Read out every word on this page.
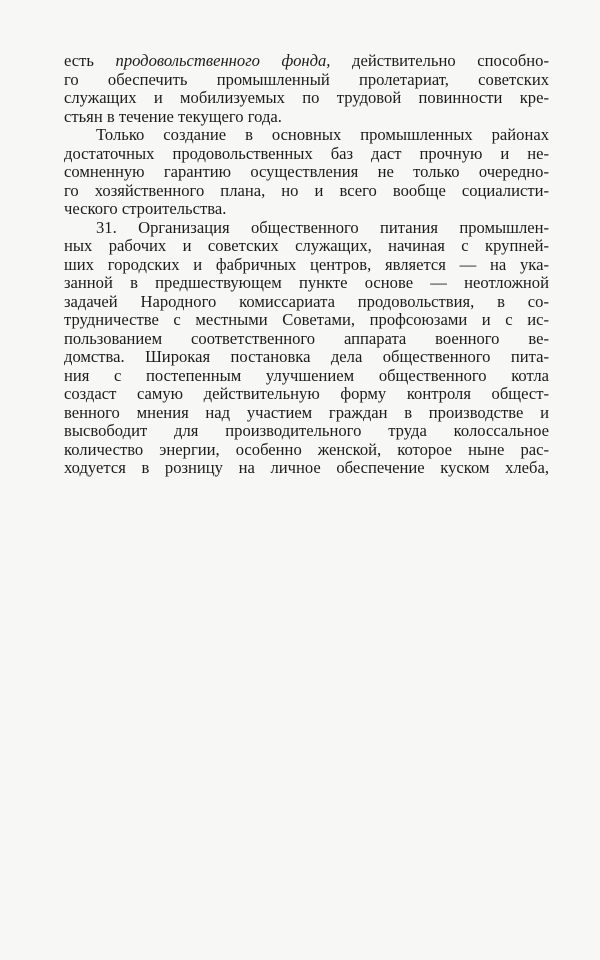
есть продовольственного фонда, действительно способно-
го обеспечить промышленный пролетариат, советских
служащих и мобилизуемых по трудовой повинности кре-
стьян в течение текущего года.
Только создание в основных промышленных районах
достаточных продовольственных баз даст прочную и не-
сомненную гарантию осуществления не только очередно-
го хозяйственного плана, но и всего вообще социалисти-
ческого строительства.
31. Организация общественного питания промышлен-
ных рабочих и советских служащих, начиная с крупней-
ших городских и фабричных центров, является — на ука-
занной в предшествующем пункте основе — неотложной
задачей Народного комиссариата продовольствия, в со-
трудничестве с местными Советами, профсоюзами и с ис-
пользованием соответственного аппарата военного ве-
домства. Широкая постановка дела общественного пита-
ния с постепенным улучшением общественного котла
создаст самую действительную форму контроля общест-
венного мнения над участием граждан в производстве и
высвободит для производительного труда колоссальное
количество энергии, особенно женской, которое ныне рас-
ходуется в розницу на личное обеспечение куском хлеба,
